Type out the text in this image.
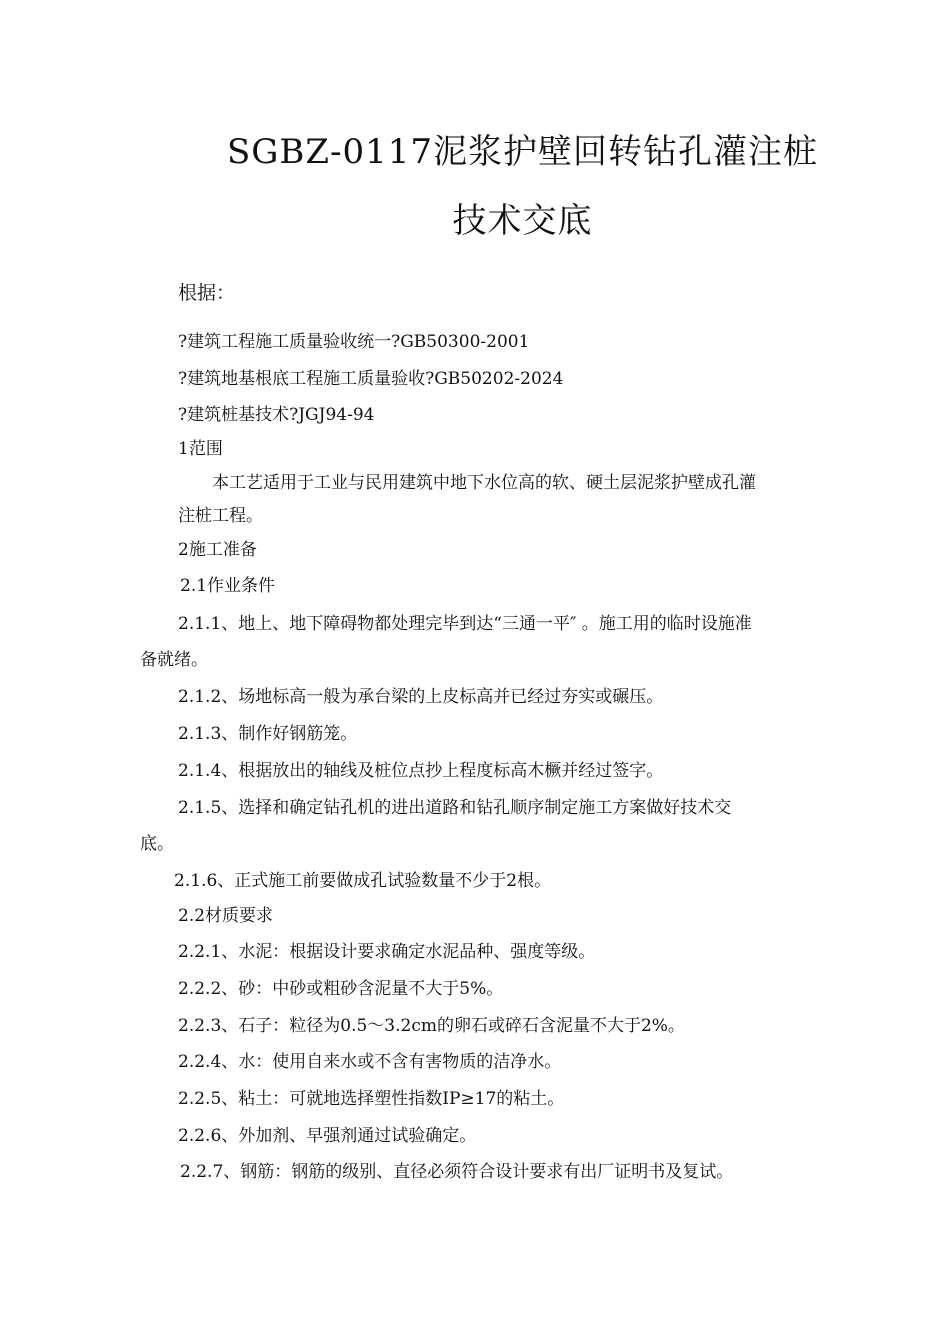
SGBZ-0117泥浆护壁回转钻孔灌注桩
技术交底
根据：
?建筑工程施工质量验收统一?GB50300-2001
?建筑地基根底工程施工质量验收?GB50202-2024
?建筑桩基技术?JGJ94-94
1范围
本工艺适用于工业与民用建筑中地下水位高的软、硬土层泥浆护壁成孔灌
注桩工程。
2施工准备
2.1作业条件
2.1.1、地上、地下障碍物都处理完毕到达“三通一平″ 。施工用的临时设施准
备就绪。
2.1.2、场地标高一般为承台梁的上皮标高并已经过夯实或碾压。
2.1.3、制作好钢筋笼。
2.1.4、根据放出的轴线及桩位点抄上程度标高木橛并经过签字。
2.1.5、选择和确定钻孔机的进出道路和钻孔顺序制定施工方案做好技术交
底。
2.1.6、正式施工前要做成孔试验数量不少于2根。
2.2材质要求
2.2.1、水泥：根据设计要求确定水泥品种、强度等级。
2.2.2、砂：中砂或粗砂含泥量不大于5%。
2.2.3、石子：粒径为0.5～3.2cm的卵石或碎石含泥量不大于2%。
2.2.4、水：使用自来水或不含有害物质的洁净水。
2.2.5、粘土：可就地选择塑性指数IP≥17的粘土。
2.2.6、外加剂、早强剂通过试验确定。
2.2.7、钢筋：钢筋的级别、直径必须符合设计要求有出厂证明书及复试。
